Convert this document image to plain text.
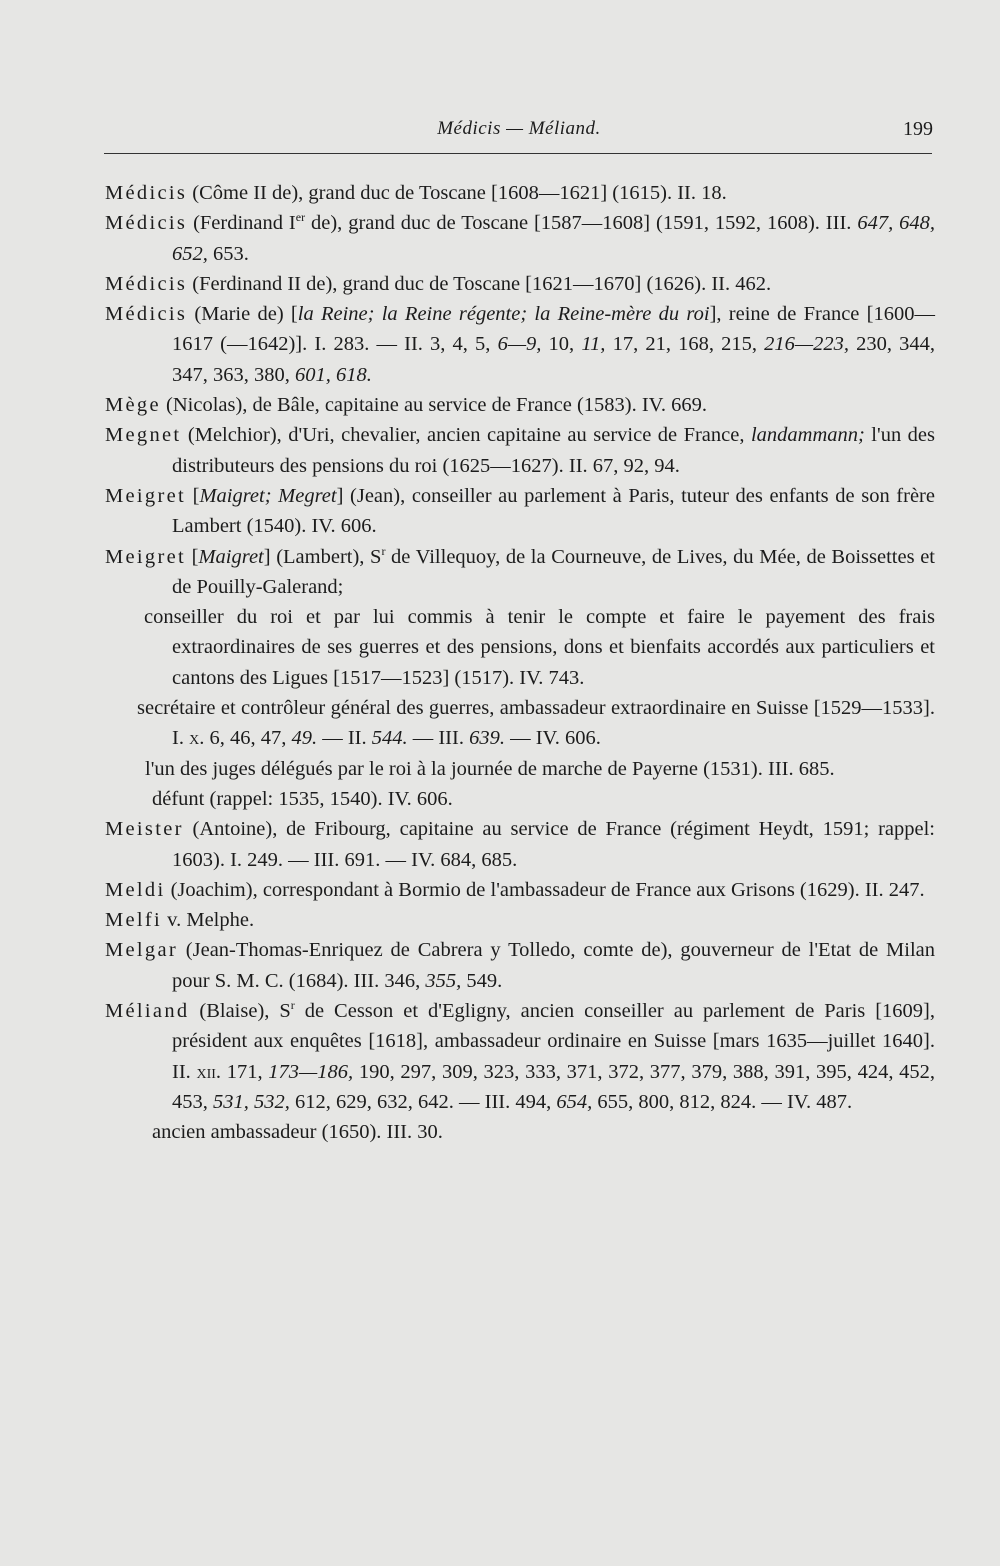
Médicis — Méliand.	199

Médicis (Côme II de), grand duc de Toscane [1608—1621] (1615). II. 18.

Médicis (Ferdinand Ier de), grand duc de Toscane [1587—1608] (1591, 1592, 1608). III. 647, 648, 652, 653.

Médicis (Ferdinand II de), grand duc de Toscane [1621—1670] (1626). II. 462.

Médicis (Marie de) [la Reine; la Reine régente; la Reine-mère du roi], reine de France [1600—1617 (—1642)]. I. 283. — II. 3, 4, 5, 6—9, 10, 11, 17, 21, 168, 215, 216—223, 230, 344, 347, 363, 380, 601, 618.

Mège (Nicolas), de Bâle, capitaine au service de France (1583). IV. 669.

Megnet (Melchior), d'Uri, chevalier, ancien capitaine au service de France, landammann; l'un des distributeurs des pensions du roi (1625—1627). II. 67, 92, 94.

Meigret [Maigret; Megret] (Jean), conseiller au parlement à Paris, tuteur des enfants de son frère Lambert (1540). IV. 606.

Meigret [Maigret] (Lambert), $S^r$ de Villequoy, de la Courneuve, de Lives, du Mée, de Boissettes et de Pouilly-Galerand;

conseiller du roi et par lui commis à tenir le compte et faire le payement des frais extraordinaires de ses guerres et des pensions, dons et bienfaits accordés aux particuliers et cantons des Ligues [1517—1523] (1517). IV. 743.

secrétaire et contrôleur général des guerres, ambassadeur extraordinaire en Suisse [1529—1533]. I. x. 6, 46, 47, 49. — II. 544. — III. 639. — IV. 606.

l'un des juges délégués par le roi à la journée de marche de Payerne (1531). III. 685.

défunt (rappel: 1535, 1540). IV. 606.

Meister (Antoine), de Fribourg, capitaine au service de France (régiment Heydt, 1591; rappel: 1603). I. 249. — III. 691. — IV. 684, 685.

Meldi (Joachim), correspondant à Bormio de l'ambassadeur de France aux Grisons (1629). II. 247.

Melfi v. Melphe.

Melgar (Jean-Thomas-Enriquez de Cabrera y Tolledo, comte de), gouverneur de l'Etat de Milan pour S. M. C. (1684). III. 346, 355, 549.

Méliand (Blaise), $S^r$ de Cesson et d'Egligny, ancien conseiller au parlement de Paris [1609], président aux enquêtes [1618], ambassadeur ordinaire en Suisse [mars 1635—juillet 1640]. II. xii. 171, 173—186, 190, 297, 309, 323, 333, 371, 372, 377, 379, 388, 391, 395, 424, 452, 453, 531, 532, 612, 629, 632, 642. — III. 494, 654, 655, 800, 812, 824. — IV. 487.

ancien ambassadeur (1650). III. 30.
